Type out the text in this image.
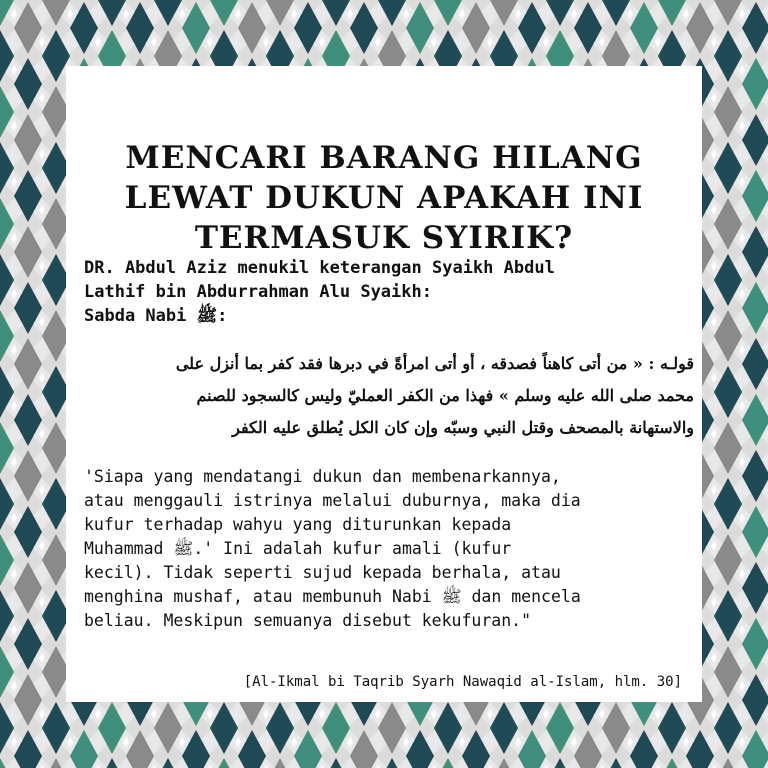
MENCARI BARANG HILANG
LEWAT DUKUN APAKAH INI
TERMASUK SYIRIK?

DR. Abdul Aziz menukil keterangan Syaikh Abdul
Lathif bin Abdurrahman Alu Syaikh:
Sabda Nabi ﷺ:
قولـه : « من أتى كاهناً فصدقه ، أو أتى امرأةً في دبرها فقد كفر بما أنزل على
محمد صلى الله عليه وسلم » فهذا من الكفر العمليّ وليس كالسجود للصنم
والاستهانة بالمصحف وقتل النبي وسبّه وإن كان الكل يُطلق عليه الكفر
'Siapa yang mendatangi dukun dan membenarkannya,
atau menggauli istrinya melalui duburnya, maka dia
kufur terhadap wahyu yang diturunkan kepada
Muhammad ﷺ.' Ini adalah kufur amali (kufur
kecil). Tidak seperti sujud kepada berhala, atau
menghina mushaf, atau membunuh Nabi ﷺ dan mencela
beliau. Meskipun semuanya disebut kekufuran."
[Al-Ikmal bi Taqrib Syarh Nawaqid al-Islam, hlm. 30]
